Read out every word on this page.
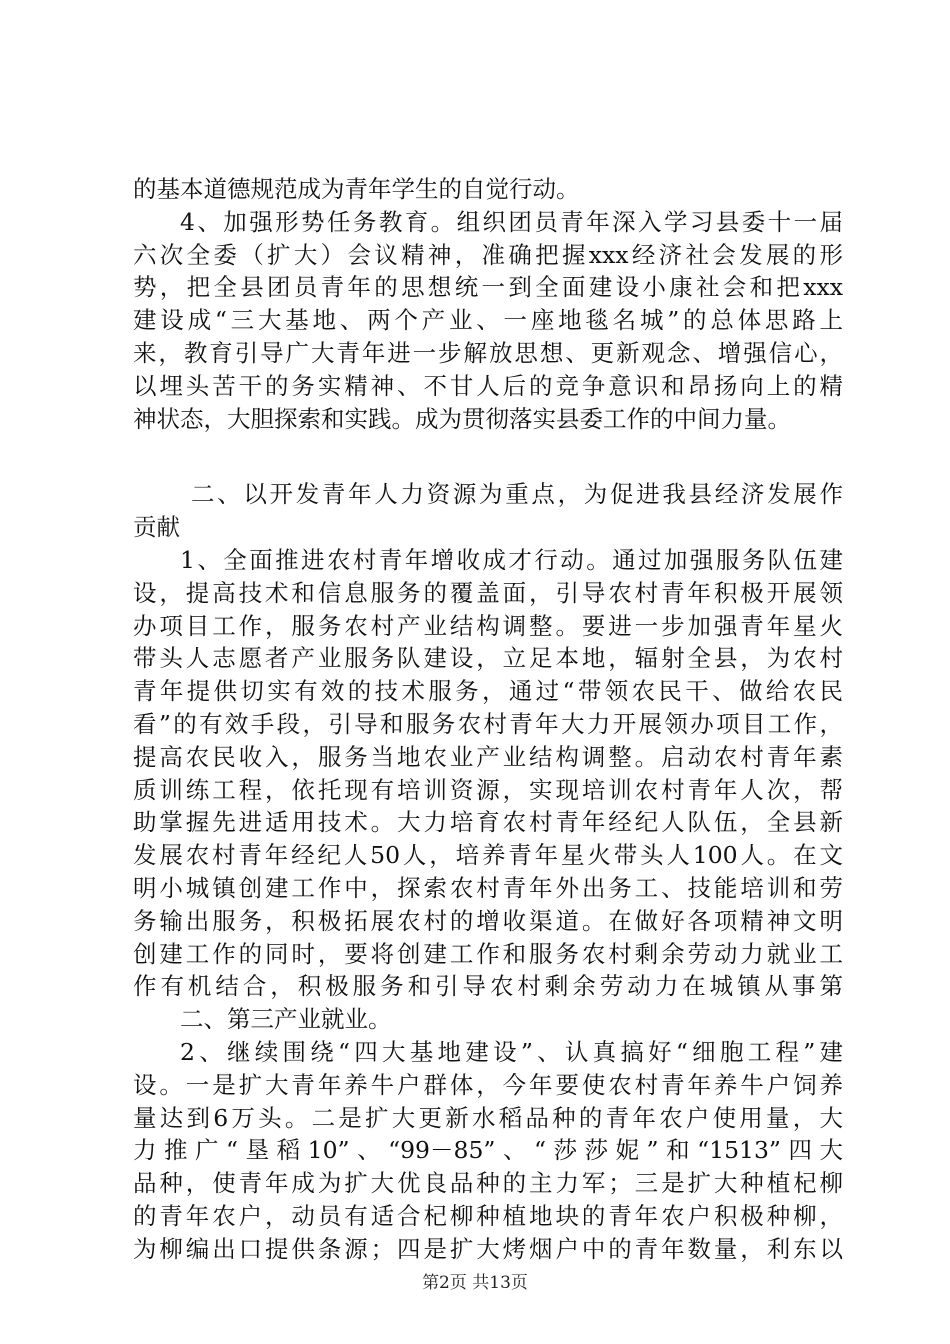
的基本道德规范成为青年学生的自觉行动。
4、加强形势任务教育。组织团员青年深入学习县委十一届
六次全委（扩大）会议精神，准确把握xxx经济社会发展的形
势，把全县团员青年的思想统一到全面建设小康社会和把xxx
建设成“三大基地、两个产业、一座地毯名城”的总体思路上
来，教育引导广大青年进一步解放思想、更新观念、增强信心，
以埋头苦干的务实精神、不甘人后的竞争意识和昂扬向上的精
神状态，大胆探索和实践。成为贯彻落实县委工作的中间力量。
二、以开发青年人力资源为重点，为促进我县经济发展作
贡献
1、全面推进农村青年增收成才行动。通过加强服务队伍建
设，提高技术和信息服务的覆盖面，引导农村青年积极开展领
办项目工作，服务农村产业结构调整。要进一步加强青年星火
带头人志愿者产业服务队建设，立足本地，辐射全县，为农村
青年提供切实有效的技术服务，通过“带领农民干、做给农民
看”的有效手段，引导和服务农村青年大力开展领办项目工作，
提高农民收入，服务当地农业产业结构调整。启动农村青年素
质训练工程，依托现有培训资源，实现培训农村青年人次，帮
助掌握先进适用技术。大力培育农村青年经纪人队伍，全县新
发展农村青年经纪人50人，培养青年星火带头人100人。在文
明小城镇创建工作中，探索农村青年外出务工、技能培训和劳
务输出服务，积极拓展农村的增收渠道。在做好各项精神文明
创建工作的同时，要将创建工作和服务农村剩余劳动力就业工
作有机结合，积极服务和引导农村剩余劳动力在城镇从事第
二、第三产业就业。
2、继续围绕“四大基地建设”、认真搞好“细胞工程”建
设。一是扩大青年养牛户群体，今年要使农村青年养牛户饲养
量达到6万头。二是扩大更新水稻品种的青年农户使用量，大
力推广“垦稻10”、“99－85”、“莎莎妮”和“1513”四大
品种，使青年成为扩大优良品种的主力军；三是扩大种植杞柳
的青年农户，动员有适合杞柳种植地块的青年农户积极种柳，
为柳编出口提供条源；四是扩大烤烟户中的青年数量，利东以
第2页 共13页
